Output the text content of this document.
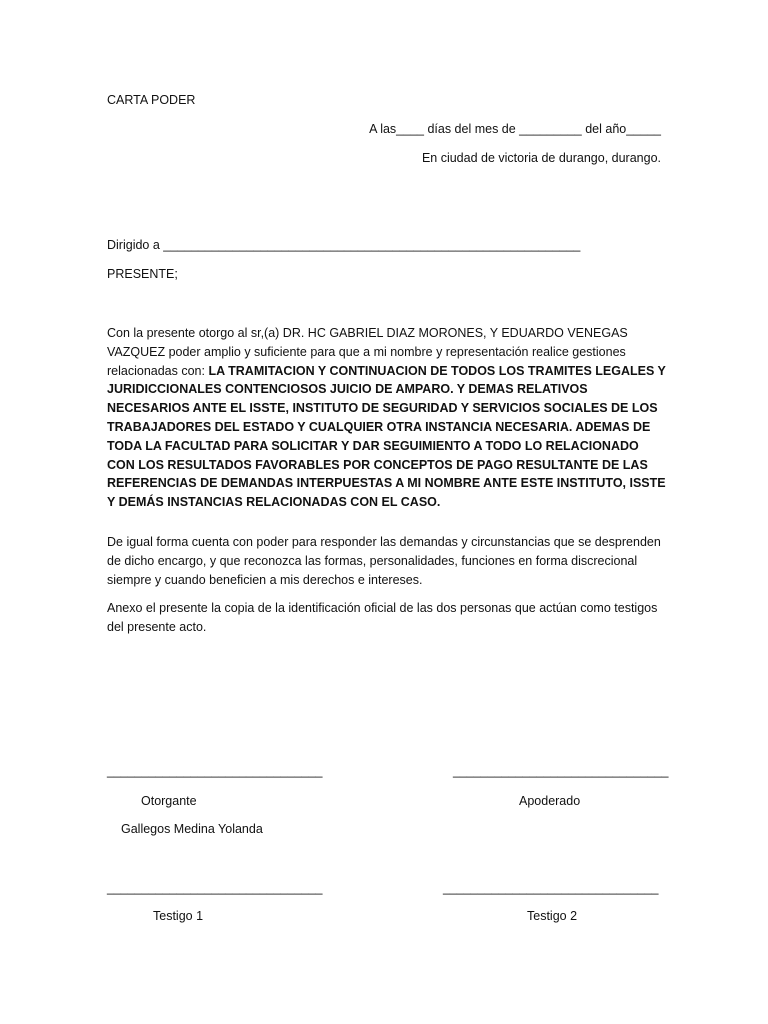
CARTA PODER

A las____ días del mes de _________ del año_____

En ciudad de victoria de durango, durango.

Dirigido a ____________________________________________________________

PRESENTE;

Con la presente otorgo al sr,(a) DR. HC GABRIEL DIAZ MORONES, Y EDUARDO VENEGAS VAZQUEZ poder amplio y suficiente para que a mi nombre y representación realice gestiones relacionadas con: LA TRAMITACION Y CONTINUACION DE TODOS LOS TRAMITES LEGALES Y JURIDICCIONALES CONTENCIOSOS JUICIO DE AMPARO. Y DEMAS RELATIVOS NECESARIOS ANTE EL ISSTE, INSTITUTO DE SEGURIDAD Y SERVICIOS SOCIALES DE LOS TRABAJADORES DEL ESTADO Y CUALQUIER OTRA INSTANCIA NECESARIA. ADEMAS DE TODA LA FACULTAD PARA SOLICITAR Y DAR SEGUIMIENTO A TODO LO RELACIONADO CON LOS RESULTADOS FAVORABLES POR CONCEPTOS DE PAGO RESULTANTE DE LAS REFERENCIAS DE DEMANDAS INTERPUESTAS A MI NOMBRE ANTE ESTE INSTITUTO, ISSTE Y DEMÁS INSTANCIAS RELACIONADAS CON EL CASO.

De igual forma cuenta con poder para responder las demandas y circunstancias que se desprenden de dicho encargo, y que reconozca las formas, personalidades, funciones en forma discrecional siempre y cuando beneficien a mis derechos e intereses.

Anexo el presente la copia de la identificación oficial de las dos personas que actúan como testigos del presente acto.

_______________________________	_______________________________

Otorgante	Apoderado

Gallegos Medina Yolanda

_______________________________	_______________________________

Testigo 1	Testigo 2
